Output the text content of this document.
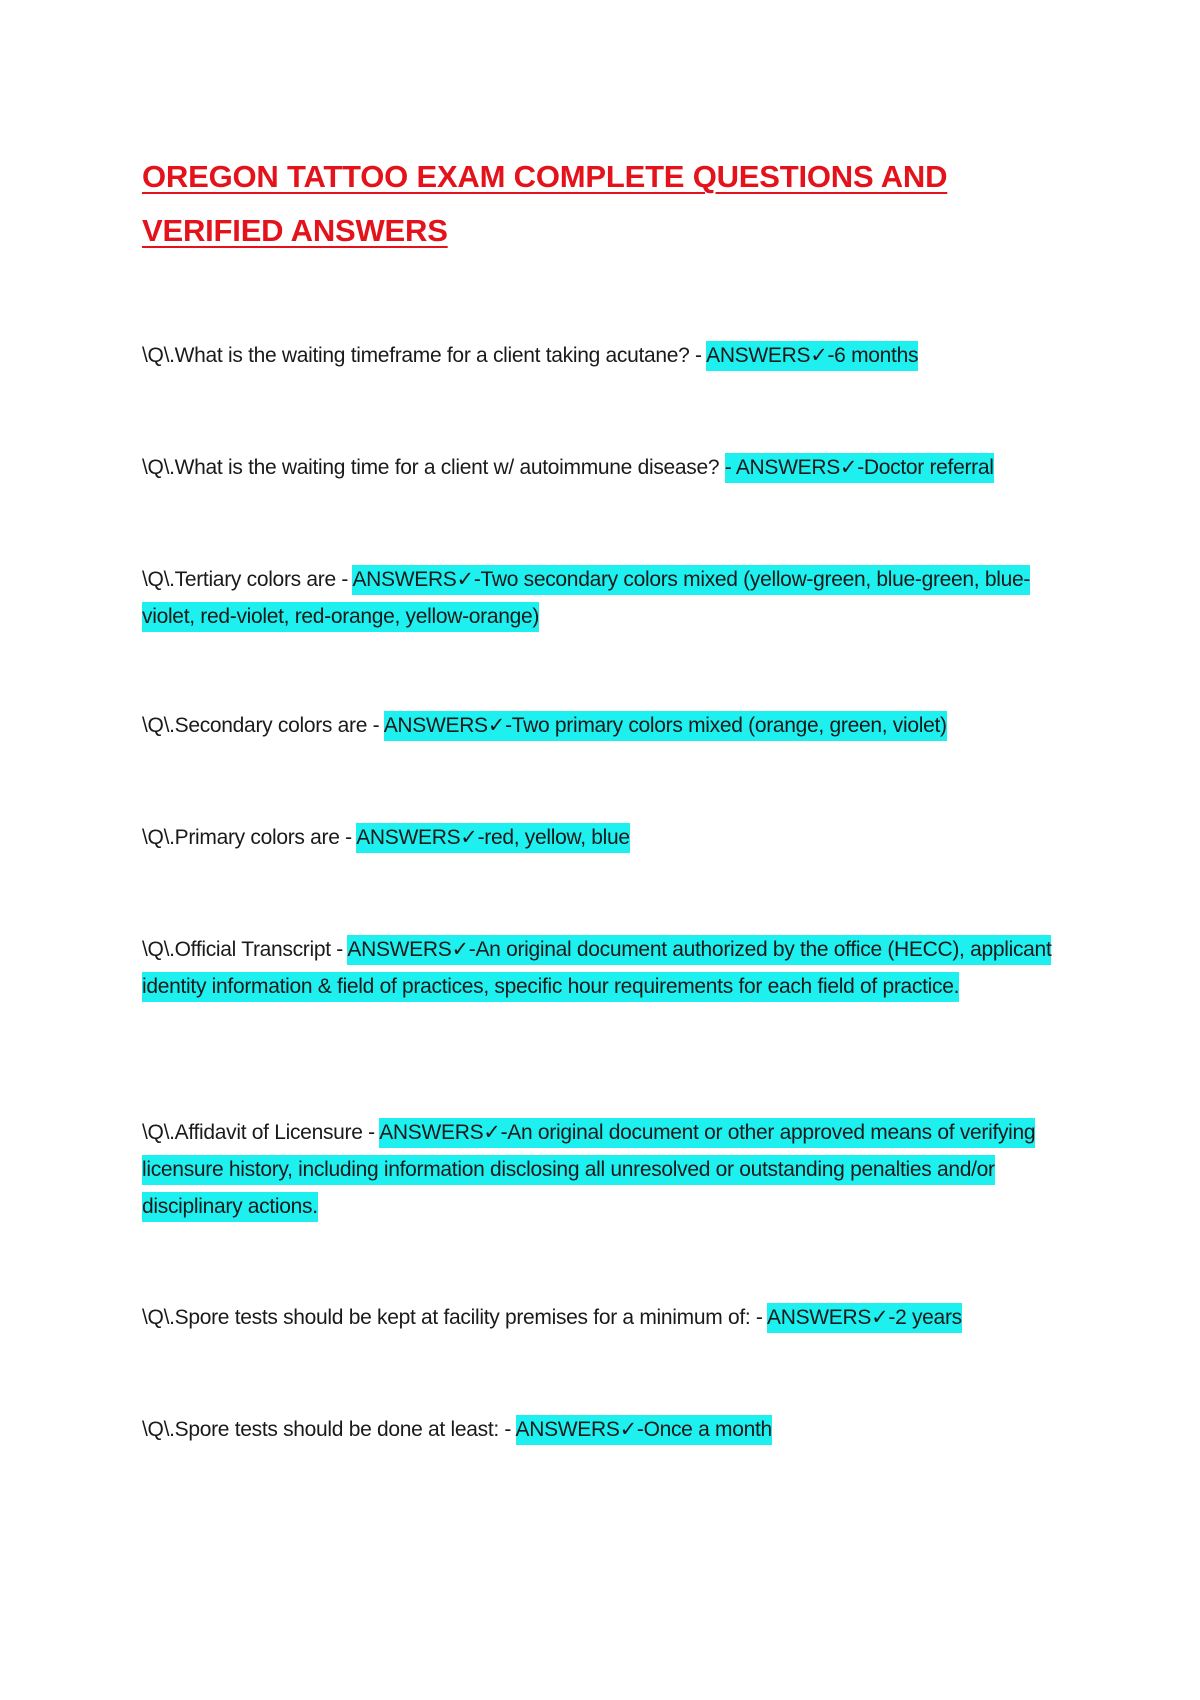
OREGON TATTOO EXAM COMPLETE QUESTIONS AND VERIFIED ANSWERS

\Q\.What is the waiting timeframe for a client taking acutane? - ANSWERS✓-6 months

\Q\.What is the waiting time for a client w/ autoimmune disease? - ANSWERS✓-Doctor referral

\Q\.Tertiary colors are - ANSWERS✓-Two secondary colors mixed (yellow-green, blue-green, blue-violet, red-violet, red-orange, yellow-orange)

\Q\.Secondary colors are - ANSWERS✓-Two primary colors mixed (orange, green, violet)

\Q\.Primary colors are - ANSWERS✓-red, yellow, blue

\Q\.Official Transcript - ANSWERS✓-An original document authorized by the office (HECC), applicant identity information & field of practices, specific hour requirements for each field of practice.

\Q\.Affidavit of Licensure - ANSWERS✓-An original document or other approved means of verifying licensure history, including information disclosing all unresolved or outstanding penalties and/or disciplinary actions.

\Q\.Spore tests should be kept at facility premises for a minimum of: - ANSWERS✓-2 years

\Q\.Spore tests should be done at least: - ANSWERS✓-Once a month
